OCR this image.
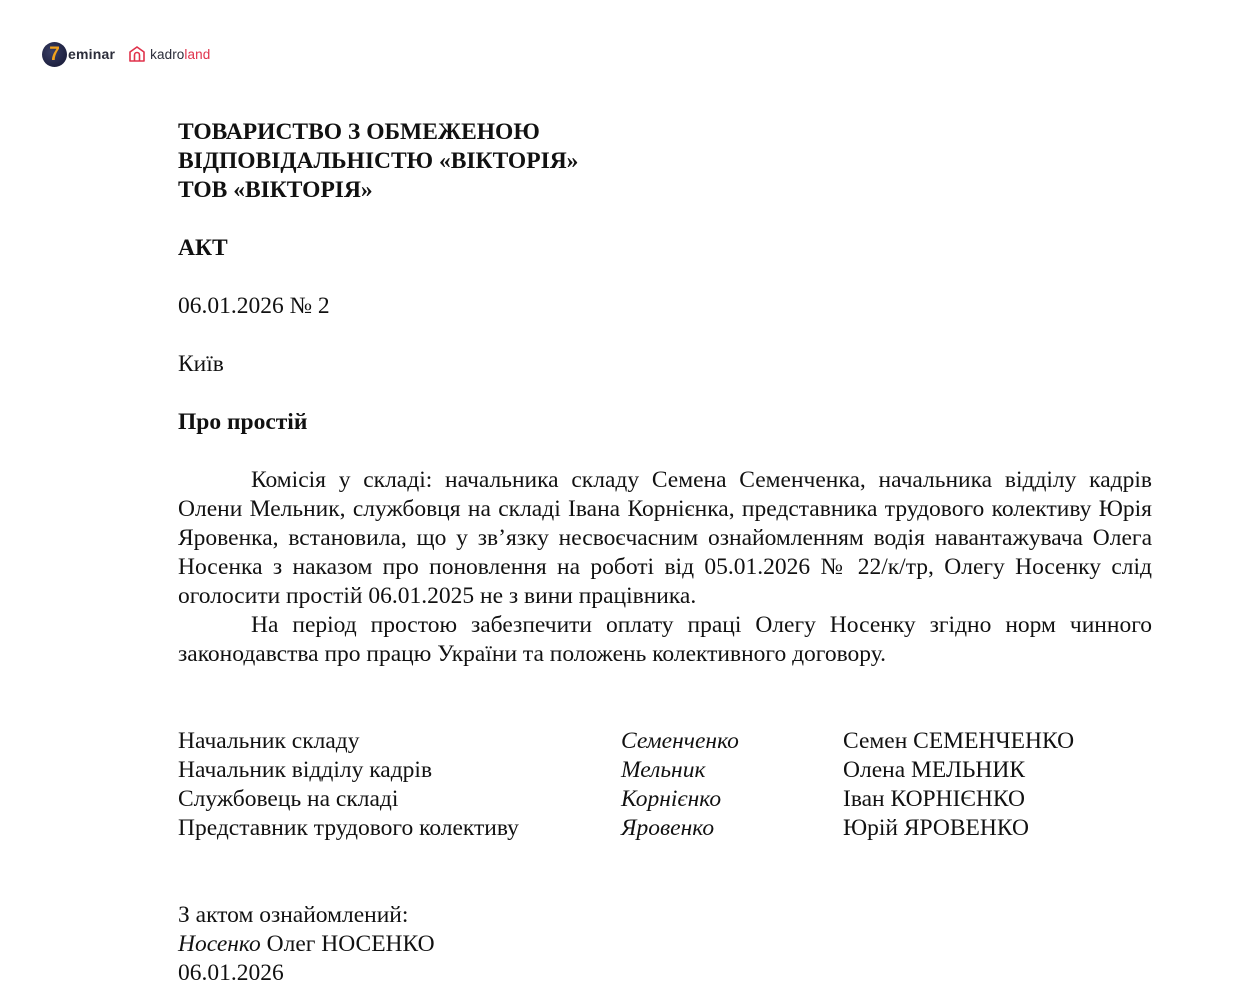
7 eminar	kadroland

ТОВАРИСТВО З ОБМЕЖЕНОЮ

ВІДПОВІДАЛЬНІСТЮ «ВІКТОРІЯ»

ТОВ «ВІКТОРІЯ»

АКТ

06.01.2026 № 2

Київ

Про простій

Комісія у складі: начальника складу Семена Семенченка, начальника відділу кадрів Олени Мельник, службовця на складі Івана Корнієнка, представника трудового колективу Юрія Яровенка, встановила, що у зв’язку несвоєчасним ознайомленням водія навантажувача Олега Носенка з наказом про поновлення на роботі від 05.01.2026 № 22/к/тр, Олегу Носенку слід оголосити простій 06.01.2025 не з вини працівника.

На період простою забезпечити оплату праці Олегу Носенку згідно норм чинного законодавства про працю України та положень колективного договору.

Начальник складу	Семенченко	Семен СЕМЕНЧЕНКО
Начальник відділу кадрів	Мельник	Олена МЕЛЬНИК
Службовець на складі	Корнієнко	Іван КОРНІЄНКО
Представник трудового колективу	Яровенко	Юрій ЯРОВЕНКО

З актом ознайомлений:

Носенко Олег НОСЕНКО

06.01.2026
